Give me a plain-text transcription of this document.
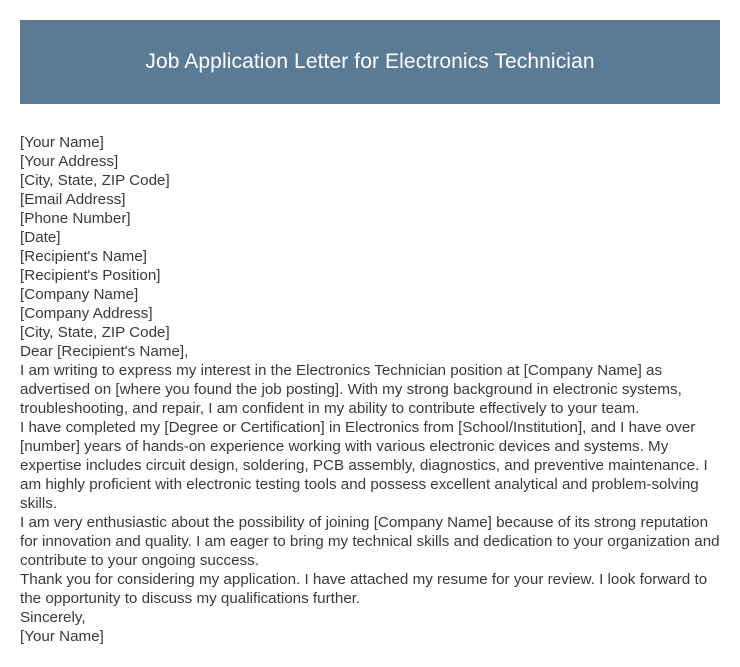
Job Application Letter for Electronics Technician
[Your Name]
[Your Address]
[City, State, ZIP Code]
[Email Address]
[Phone Number]
[Date]
[Recipient's Name]
[Recipient's Position]
[Company Name]
[Company Address]
[City, State, ZIP Code]
Dear [Recipient's Name],

I am writing to express my interest in the Electronics Technician position at [Company Name] as advertised on [where you found the job posting]. With my strong background in electronic systems, troubleshooting, and repair, I am confident in my ability to contribute effectively to your team.

I have completed my [Degree or Certification] in Electronics from [School/Institution], and I have over [number] years of hands-on experience working with various electronic devices and systems. My expertise includes circuit design, soldering, PCB assembly, diagnostics, and preventive maintenance. I am highly proficient with electronic testing tools and possess excellent analytical and problem-solving skills.

I am very enthusiastic about the possibility of joining [Company Name] because of its strong reputation for innovation and quality. I am eager to bring my technical skills and dedication to your organization and contribute to your ongoing success.

Thank you for considering my application. I have attached my resume for your review. I look forward to the opportunity to discuss my qualifications further.

Sincerely,
[Your Name]
